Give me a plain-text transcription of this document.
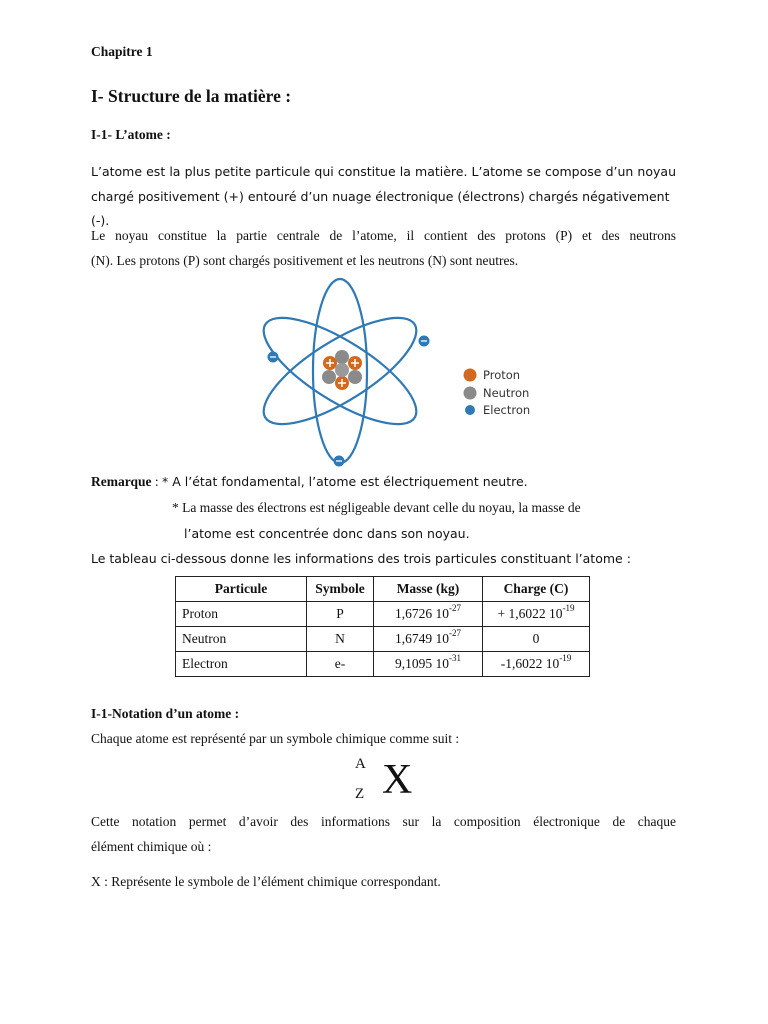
Chapitre 1
I- Structure de la matière :
I-1- L’atome :
L’atome est la plus petite particule qui constitue la matière. L’atome se compose d’un noyau
chargé positivement (+) entouré d’un nuage électronique (électrons) chargés négativement (-).
Le noyau constitue la partie centrale de l’atome, il contient des protons (P) et des neutrons
(N). Les protons (P) sont chargés positivement et les neutrons (N) sont neutres.
Proton
Neutron
Electron
Remarque : * A l’état fondamental, l’atome est électriquement neutre.
* La masse des électrons est négligeable devant celle du noyau, la masse de
l’atome est concentrée donc dans son noyau.
Le tableau ci-dessous donne les informations des trois particules constituant l’atome :
Particule	Symbole	Masse (kg)	Charge (C)
Proton	P	1,6726 $10^{-27}$	+ 1,6022 $10^{-19}$
Neutron	N	1,6749 $10^{-27}$	0
Electron	e-	9,1095 $10^{-31}$	-1,6022 $10^{-19}$
I-1-Notation d’un atome :
Chaque atome est représenté par un symbole chimique comme suit :
A
Z X
Cette notation permet d’avoir des informations sur la composition électronique de chaque
élément chimique où :
X : Représente le symbole de l’élément chimique correspondant.
